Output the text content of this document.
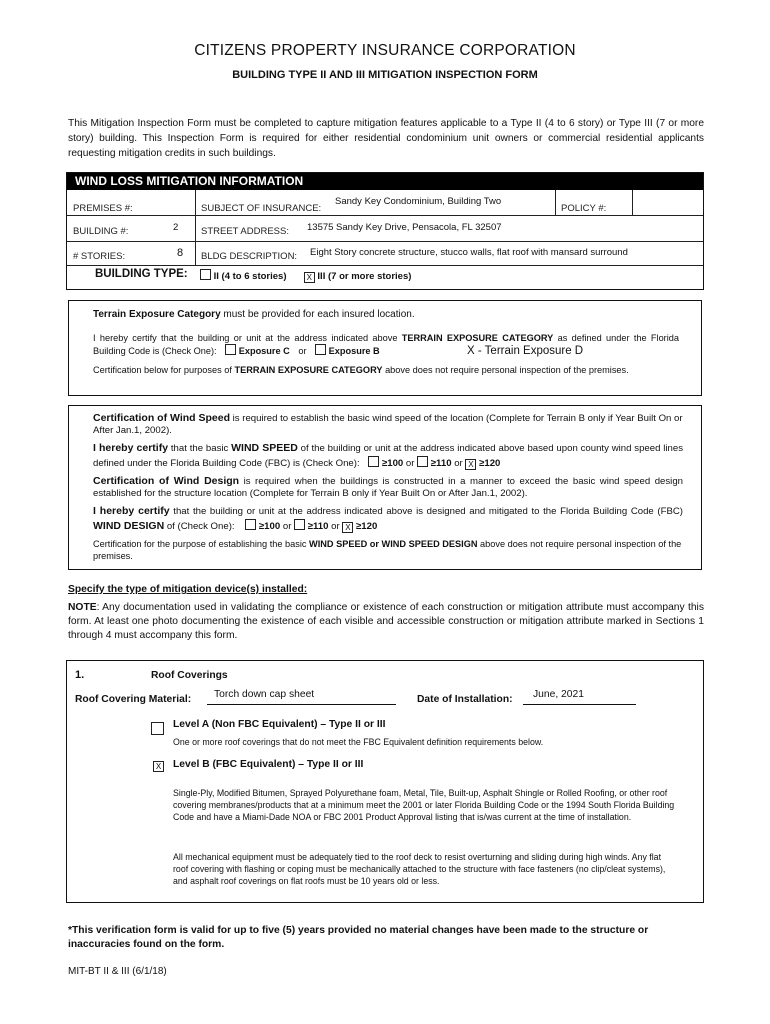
CITIZENS PROPERTY INSURANCE CORPORATION
BUILDING TYPE II AND III MITIGATION INSPECTION FORM
This Mitigation Inspection Form must be completed to capture mitigation features applicable to a Type II (4 to 6 story) or Type III (7 or more story) building. This Inspection Form is required for either residential condominium unit owners or commercial residential applicants requesting mitigation credits in such buildings.
WIND LOSS MITIGATION INFORMATION
PREMISES #:	SUBJECT OF INSURANCE:
Sandy Key Condominium, Building Two
POLICY #:
BUILDING #:	2 STREET ADDRESS: 13575 Sandy Key Drive, Pensacola, FL 32507
# STORIES:	8 BLDG DESCRIPTION: Eight Story concrete structure, stucco walls, flat roof with mansard surround
BUILDING TYPE:	II (4 to 6 stories)	X III (7 or more stories)
Terrain Exposure Category must be provided for each insured location.
I hereby certify that the building or unit at the address indicated above TERRAIN EXPOSURE CATEGORY as defined under the Florida Building Code is (Check One): Exposure C or Exposure B	X - Terrain Exposure D
Certification below for purposes of TERRAIN EXPOSURE CATEGORY above does not require personal inspection of the premises.
Certification of Wind Speed is required to establish the basic wind speed of the location (Complete for Terrain B only if Year Built On or After Jan.1, 2002).
I hereby certify that the basic WIND SPEED of the building or unit at the address indicated above based upon county wind speed lines defined under the Florida Building Code (FBC) is (Check One): ≥100 or ≥110 or X ≥120
Certification of Wind Design is required when the buildings is constructed in a manner to exceed the basic wind speed design established for the structure location (Complete for Terrain B only if Year Built On or After Jan.1, 2002).
I hereby certify that the building or unit at the address indicated above is designed and mitigated to the Florida Building Code (FBC) WIND DESIGN of (Check One):	≥100 or ≥110 or X ≥120
Certification for the purpose of establishing the basic WIND SPEED or WIND SPEED DESIGN above does not require personal inspection of the premises.
Specify the type of mitigation device(s) installed:
NOTE: Any documentation used in validating the compliance or existence of each construction or mitigation attribute must accompany this form. At least one photo documenting the existence of each visible and accessible construction or mitigation attribute marked in Sections 1 through 4 must accompany this form.
1.	Roof Coverings
Roof Covering Material:	Torch down cap sheet	Date of Installation:	June, 2021
Level A (Non FBC Equivalent) – Type II or III
One or more roof coverings that do not meet the FBC Equivalent definition requirements below.
X Level B (FBC Equivalent) – Type II or III
Single-Ply, Modified Bitumen, Sprayed Polyurethane foam, Metal, Tile, Built-up, Asphalt Shingle or Rolled Roofing, or other roof covering membranes/products that at a minimum meet the 2001 or later Florida Building Code or the 1994 South Florida Building Code and have a Miami-Dade NOA or FBC 2001 Product Approval listing that is/was current at the time of installation.
All mechanical equipment must be adequately tied to the roof deck to resist overturning and sliding during high winds. Any flat roof covering with flashing or coping must be mechanically attached to the structure with face fasteners (no clip/cleat systems), and asphalt roof coverings on flat roofs must be 10 years old or less.
*This verification form is valid for up to five (5) years provided no material changes have been made to the structure or inaccuracies found on the form.
MIT-BT II & III (6/1/18)
